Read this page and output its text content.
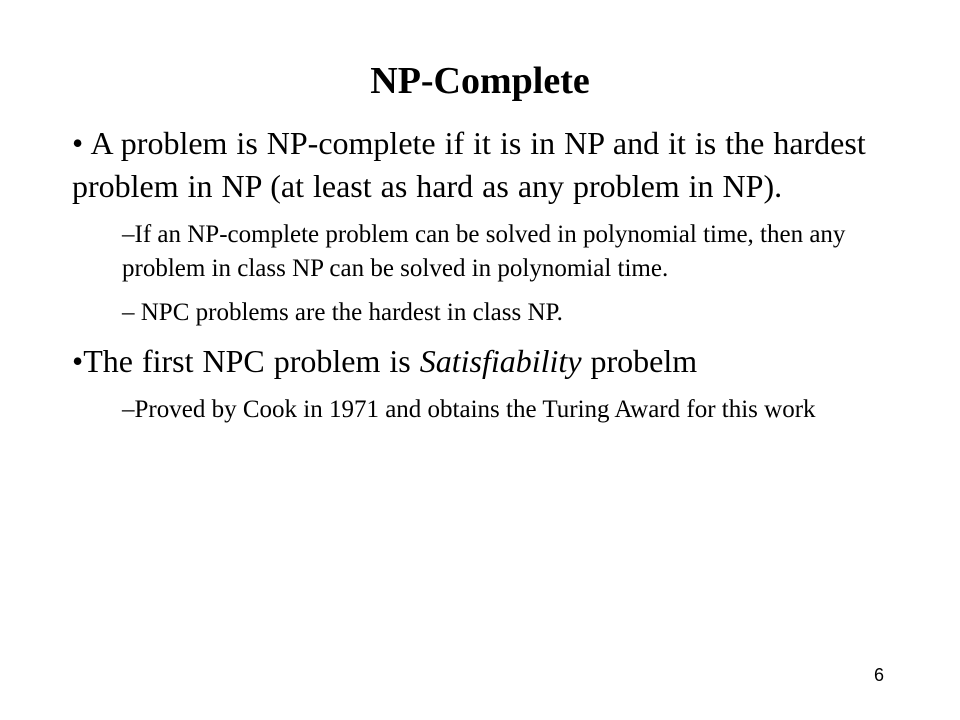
NP-Complete

• A problem is NP-complete if it is in NP and it is the hardest problem in NP (at least as hard as any problem in NP).

–If an NP-complete problem can be solved in polynomial time, then any problem in class NP can be solved in polynomial time.

– NPC problems are the hardest in class NP.

•The first NPC problem is Satisfiability probelm

–Proved by Cook in 1971 and obtains the Turing Award for this work

6
